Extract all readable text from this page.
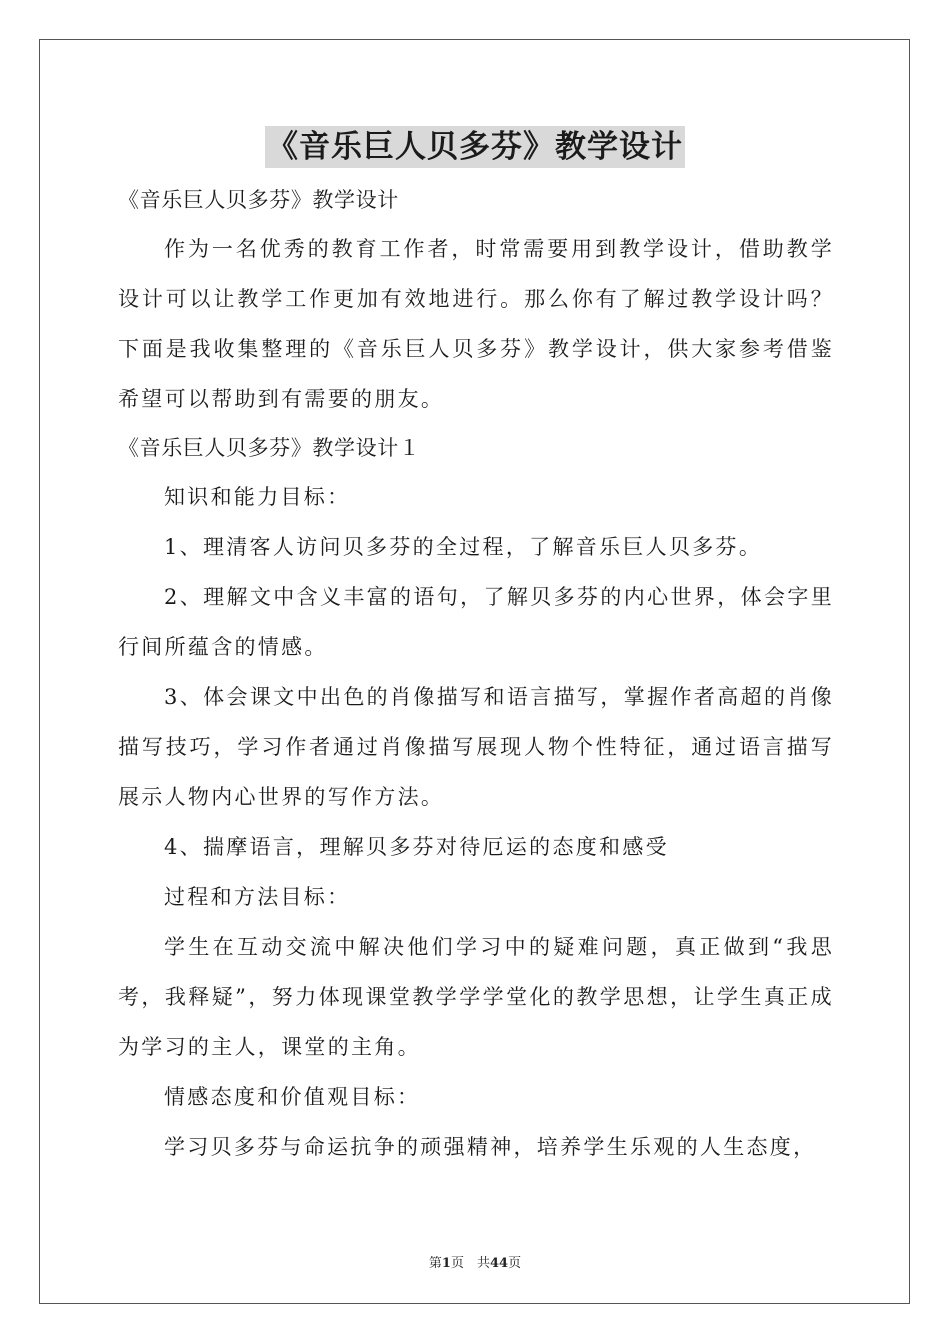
《音乐巨人贝多芬》教学设计

《音乐巨人贝多芬》教学设计

作为一名优秀的教育工作者，时常需要用到教学设计，借助教学设计可以让教学工作更加有效地进行。那么你有了解过教学设计吗？下面是我收集整理的《音乐巨人贝多芬》教学设计，供大家参考借鉴希望可以帮助到有需要的朋友。

《音乐巨人贝多芬》教学设计１

知识和能力目标：

1、理清客人访问贝多芬的全过程，了解音乐巨人贝多芬。

2、理解文中含义丰富的语句，了解贝多芬的内心世界，体会字里行间所蕴含的情感。

3、体会课文中出色的肖像描写和语言描写，掌握作者高超的肖像描写技巧，学习作者通过肖像描写展现人物个性特征，通过语言描写展示人物内心世界的写作方法。

4、揣摩语言，理解贝多芬对待厄运的态度和感受

过程和方法目标：

学生在互动交流中解决他们学习中的疑难问题，真正做到“我思考，我释疑”，努力体现课堂教学学学堂化的教学思想，让学生真正成为学习的主人，课堂的主角。

情感态度和价值观目标：

学习贝多芬与命运抗争的顽强精神，培养学生乐观的人生态度，

第1页　共44页
